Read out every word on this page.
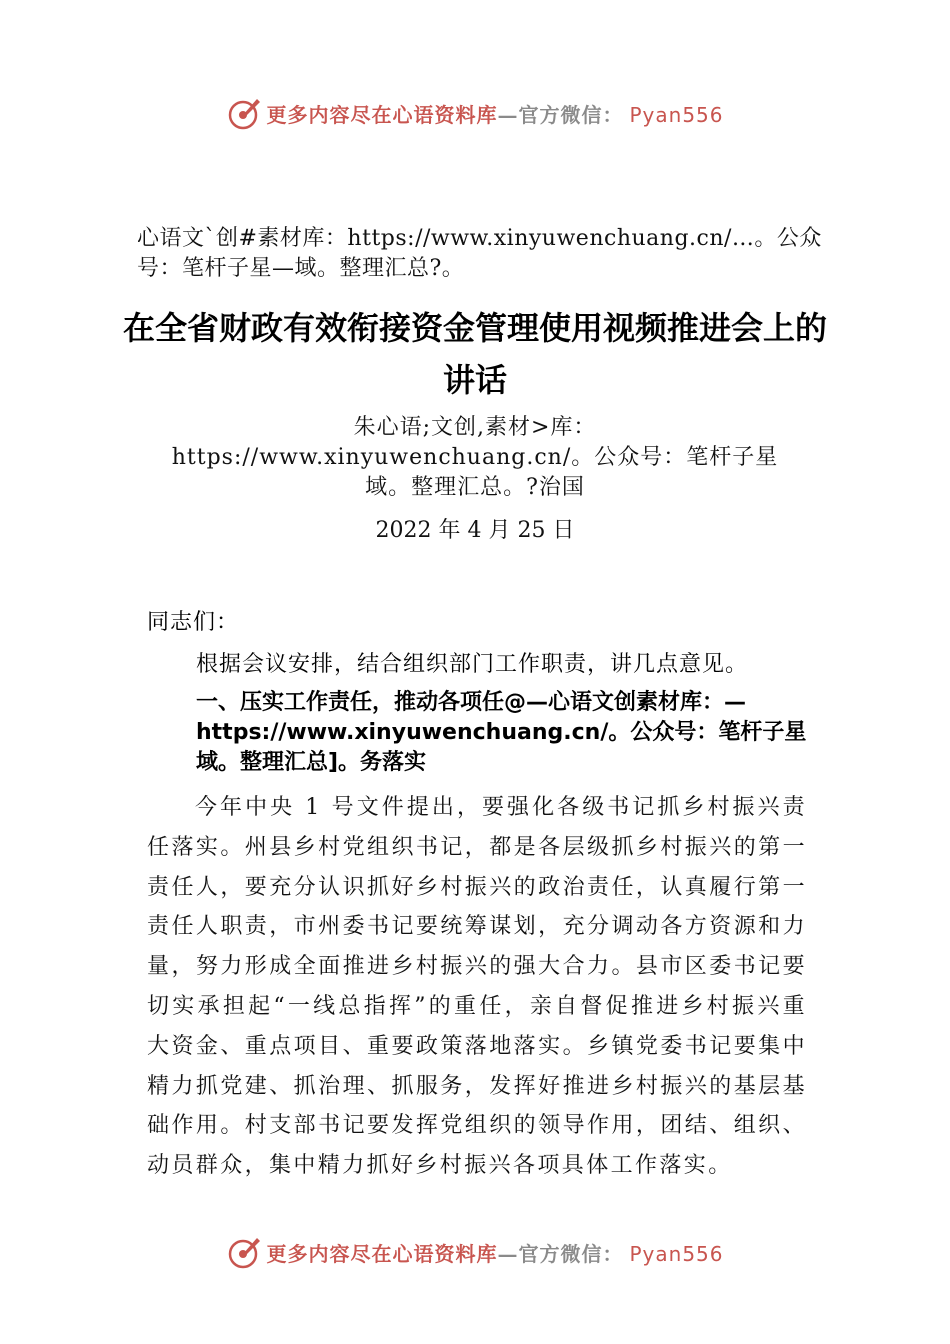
更多内容尽在心语资料库—官方微信： Pyan556
心语文`创#素材库：https://www.xinyuwenchuang.cn/…。公众号：笔杆子星—域。整理汇总?。
在全省财政有效衔接资金管理使用视频推进会上的讲话
朱心语;文创,素材>库：https://www.xinyuwenchuang.cn/。公众号：笔杆子星域。整理汇总。?治国
2022 年 4 月 25 日
同志们：
根据会议安排，结合组织部门工作职责，讲几点意见。
一、压实工作责任，推动各项任@—心语文创素材库：—https://www.xinyuwenchuang.cn/。公众号：笔杆子星域。整理汇总]。务落实
今年中央 1 号文件提出，要强化各级书记抓乡村振兴责任落实。州县乡村党组织书记，都是各层级抓乡村振兴的第一责任人，要充分认识抓好乡村振兴的政治责任，认真履行第一责任人职责，市州委书记要统筹谋划，充分调动各方资源和力量，努力形成全面推进乡村振兴的强大合力。县市区委书记要切实承担起“一线总指挥”的重任，亲自督促推进乡村振兴重大资金、重点项目、重要政策落地落实。乡镇党委书记要集中精力抓党建、抓治理、抓服务，发挥好推进乡村振兴的基层基础作用。村支部书记要发挥党组织的领导作用，团结、组织、动员群众，集中精力抓好乡村振兴各项具体工作落实。
更多内容尽在心语资料库—官方微信： Pyan556
